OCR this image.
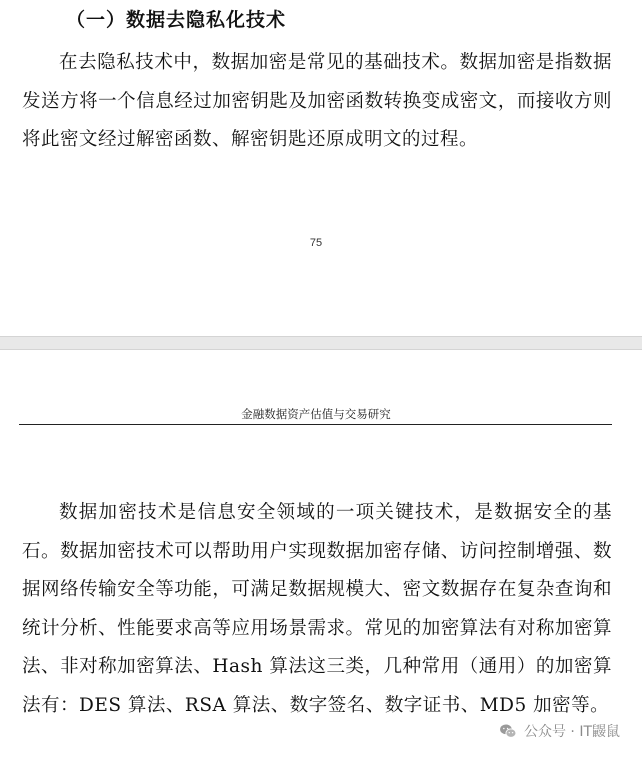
（一）数据去隐私化技术

在去隐私技术中，数据加密是常见的基础技术。数据加密是指数据发送方将一个信息经过加密钥匙及加密函数转换变成密文，而接收方则将此密文经过解密函数、解密钥匙还原成明文的过程。

75
金融数据资产估值与交易研究

数据加密技术是信息安全领域的一项关键技术，是数据安全的基石。数据加密技术可以帮助用户实现数据加密存储、访问控制增强、数据网络传输安全等功能，可满足数据规模大、密文数据存在复杂查询和统计分析、性能要求高等应用场景需求。常见的加密算法有对称加密算法、非对称加密算法、Hash 算法这三类，几种常用（通用）的加密算法有：DES 算法、RSA 算法、数字签名、数字证书、MD5 加密等。

公众号 · IT鼹鼠
